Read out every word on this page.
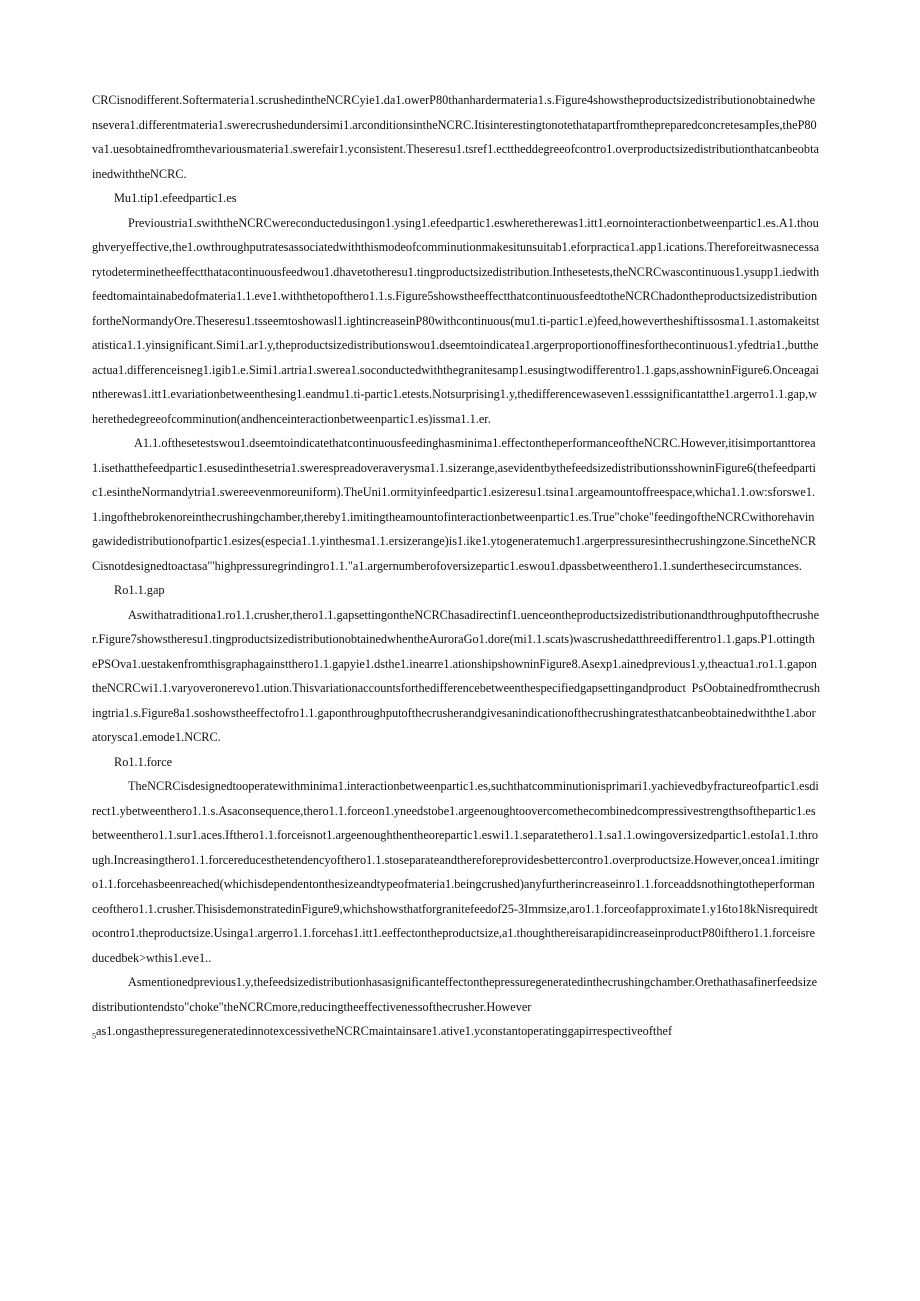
CRCisnodifferent.Softermateria1.scrushedintheNCRCyie1.da1.owerP80thanhardermateria1.s.Figure4showstheproductsizedistributionobtainedwhensevera1.differentmateria1.swerecrushedundersimi1.arconditionsintheNCRC.ItisinterestingtonotethatapartfromthepreparedconcretesampIes,theP80va1.uesobtainedfromthevariousmateria1.swerefair1.yconsistent.Theseresu1.tsref1.ecttheddegreeofcontro1.overproductsizedistributionthatcanbeobtainedwiththeNCRC.

Mu1.tip1.efeedpartic1.es

Previoustria1.swiththeNCRCwereconductedusingon1.ysing1.efeedpartic1.eswheretherewas1.itt1.eornointeractionbetweenpartic1.es.A1.thoughveryeffective,the1.owthroughputratesassociatedwiththismodeofcomminutionmakesitunsuitab1.eforpractica1.app1.ications.Thereforeitwasnecessarytodeterminetheeffectthatacontinuousfeedwou1.dhavetotheresu1.tingproductsizedistribution.Inthesetests,theNCRCwascontinuous1.ysupp1.iedwithfeedtomaintainabedofmateria1.1.eve1.withthetopofthero1.1.s.Figure5showstheeffectthatcontinuousfeedtotheNCRChadontheproductsizedistributionfortheNormandyOre.Theseresu1.tsseemtoshowasl1.ightincreaseinP80withcontinuous(mu1.ti-partic1.e)feed,howevertheshiftissosma1.1.astomakeitstatistica1.1.yinsignificant.Simi1.ar1.y,theproductsizedistributionswou1.dseemtoindicatea1.argerproportionoffinesforthecontinuous1.yfedtria1.,buttheactua1.differenceisneg1.igib1.e.Simi1.artria1.swerea1.soconductedwiththegranitesamp1.esusingtwodifferentro1.1.gaps,asshowninFigure6.Onceagaintherewas1.itt1.evariationbetweenthesing1.eandmu1.ti-partic1.etests.Notsurprising1.y,thedifferencewaseven1.esssignificantatthe1.argerro1.1.gap,wherethedegreeofcomminution(andhenceinteractionbetweenpartic1.es)issma1.1.er.

A1.1.ofthesetestswou1.dseemtoindicatethatcontinuousfeedinghasminima1.effectontheperformanceoftheNCRC.However,itisimportanttorea1.isethatthefeedpartic1.esusedinthesetria1.swerespreadoveraverysma1.1.sizerange,asevidentbythefeedsizedistributionsshowninFigure6(thefeedpartic1.esintheNormandytria1.swereevenmoreuniform).TheUni1.ormityinfeedpartic1.esizeresu1.tsina1.argeamountoffreespace,whicha1.1.ow:sforswe1.1.ingofthebrokenoreinthecrushingchamber,thereby1.imitingtheamountofinteractionbetweenpartic1.es.True"choke"feedingoftheNCRCwithorehavingawidedistributionofpartic1.esizes(especia1.1.yinthesma1.1.ersizerange)is1.ike1.ytogeneratemuch1.argerpressuresinthecrushingzone.SincetheNCRCisnotdesignedtoactasa"'highpressuregrindingro1.1."a1.argernumberofoversizepartic1.eswou1.dpassbetweenthero1.1.sunderthesecircumstances.

Ro1.1.gap

Aswithatraditiona1.ro1.1.crusher,thero1.1.gapsettingontheNCRChasadirectinf1.uenceontheproductsizedistributionandthroughputofthecrusher.Figure7showstheresu1.tingproductsizedistributionobtainedwhentheAuroraGo1.dore(mi1.1.scats)wascrushedatthreedifferentro1.1.gaps.P1.ottingthePSOva1.uestakenfromthisgraphagainstthero1.1.gapyie1.dsthe1.inearre1.ationshipshowninFigure8.Asexp1.ainedprevious1.y,theactua1.ro1.1.gapontheNCRCwi1.1.varyoveronerevo1.ution.Thisvariationaccountsforthedifferencebetweenthespecifiedgapsettingandproduct PsOobtainedfromthecrushingtria1.s.Figure8a1.soshowstheeffectofro1.1.gaponthroughputofthecrusherandgivesanindicationofthecrushingratesthatcanbeobtainedwiththe1.aboratorysca1.emode1.NCRC.

Ro1.1.force

TheNCRCisdesignedtooperatewithminima1.interactionbetweenpartic1.es,suchthatcomminutionisprimari1.yachievedbyfractureofpartic1.esdirect1.ybetweenthero1.1.s.Asaconsequence,thero1.1.forceon1.yneedstobe1.argeenoughtoovercomethecombinedcompressivestrengthsofthepartic1.esbetweenthero1.1.sur1.aces.Ifthero1.1.forceisnot1.argeenoughthentheorepartic1.eswi1.1.separatethero1.1.sa1.1.owingoversizedpartic1.estoIa1.1.through.Increasingthero1.1.forcereducesthetendencyofthero1.1.stoseparateandthereforeprovidesbettercontro1.overproductsize.However,oncea1.imitingro1.1.forcehasbeenreached(whichisdependentonthesizeandtypeofmateria1.beingcrushed)anyfurtherincreaseinro1.1.forceaddsnothingtotheperformanceofthero1.1.crusher.ThisisdemonstratedinFigure9,whichshowsthatforgranitefeedof25-3Immsize,aro1.1.forceofapproximate1.y16to18kNisrequiredtocontro1.theproductsize.Usinga1.argerro1.1.forcehas1.itt1.eeffectontheproductsize,a1.thoughthereisarapidincreaseinproductP80ifthero1.1.forceisreducedbek>wthis1.eve1..

Asmentionedprevious1.y,thefeedsizedistributionhasasignificanteffectonthepressuregeneratedinthecrushingchamber.Orethathasafinerfeedsizedistributiontendsto"choke"theNCRCmore,reducingtheeffectivenessofthecrusher.However
$_5$as1.ongasthepressuregeneratedinnotexcessivetheNCRCmaintainsare1.ative1.yconstantoperatinggapirrespectiveofthef
